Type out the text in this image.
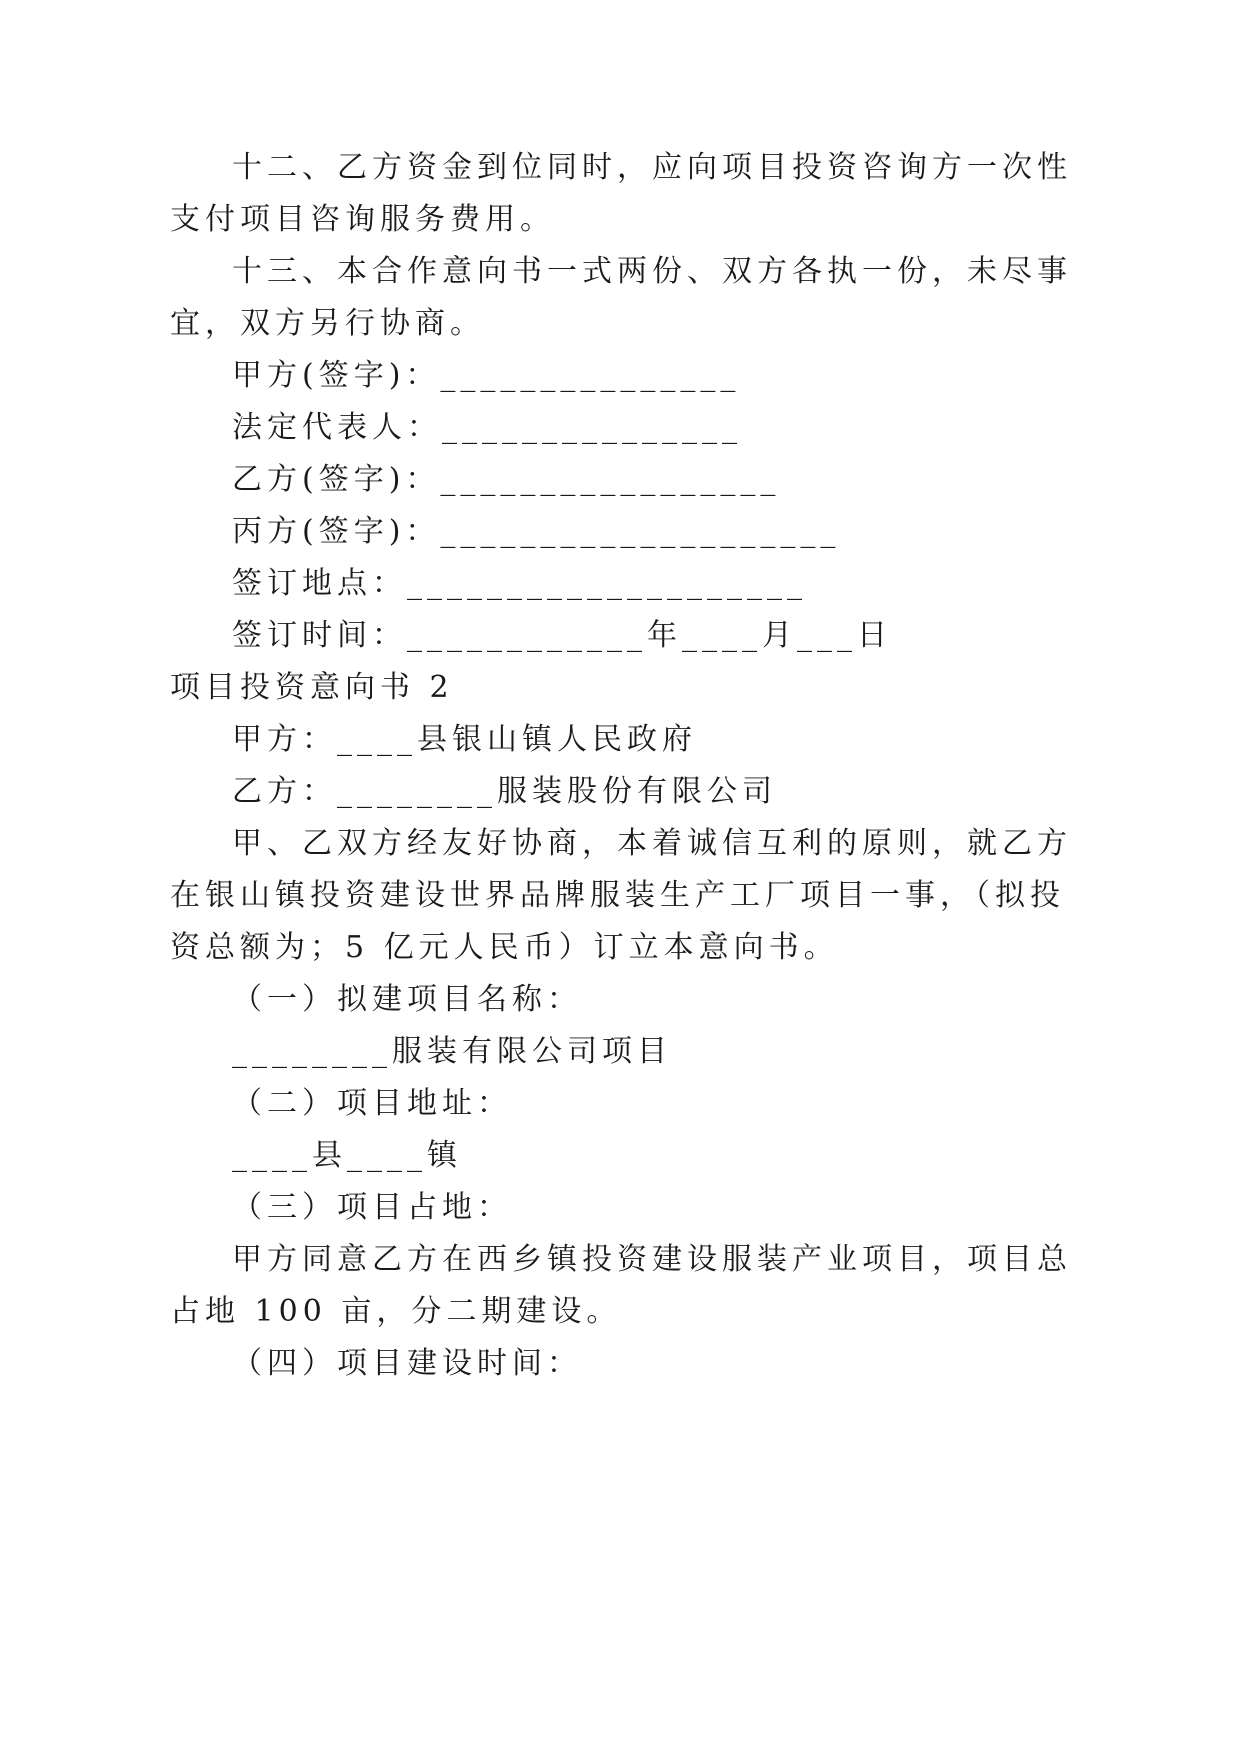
十二、乙方资金到位同时，应向项目投资咨询方一次性
支付项目咨询服务费用。
十三、本合作意向书一式两份、双方各执一份，未尽事
宜，双方另行协商。
甲方(签字)：_______________
法定代表人：_______________
乙方(签字)：_________________
丙方(签字)：____________________
签订地点：____________________
签订时间：____________年____月___日
项目投资意向书 2
甲方：____县银山镇人民政府
乙方：________服装股份有限公司
甲、乙双方经友好协商，本着诚信互利的原则，就乙方
在银山镇投资建设世界品牌服装生产工厂项目一事，（拟投
资总额为；5 亿元人民币）订立本意向书。
（一）拟建项目名称：
________服装有限公司项目
（二）项目地址：
____县____镇
（三）项目占地：
甲方同意乙方在西乡镇投资建设服装产业项目，项目总
占地 100 亩，分二期建设。
（四）项目建设时间：
